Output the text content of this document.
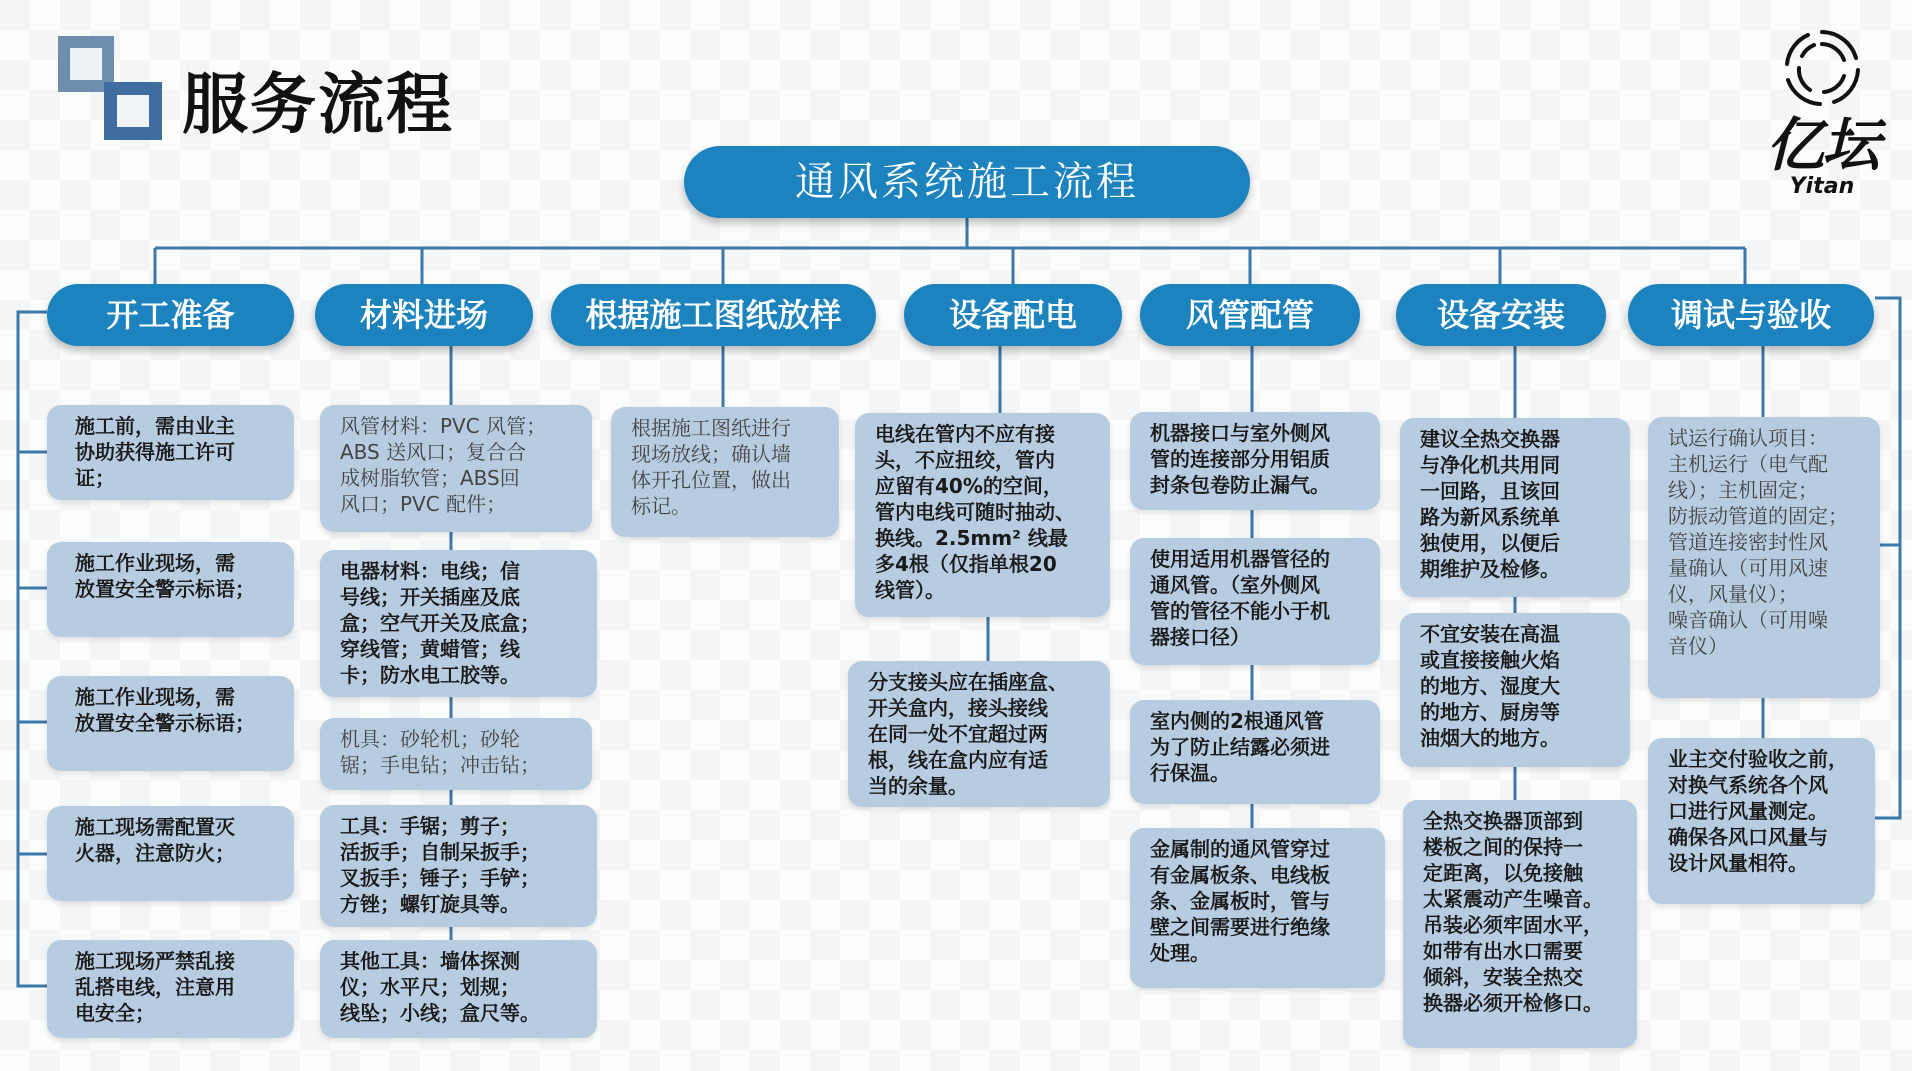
服务流程
亿坛
Yitan
通风系统施工流程
开工准备	材料进场	根据施工图纸放样	设备配电	风管配管	设备安装	调试与验收
施工前，需由业主
协助获得施工许可
证；
施工作业现场，需
放置安全警示标语；
施工作业现场，需
放置安全警示标语；
施工现场需配置灭
火器，注意防火；
施工现场严禁乱接
乱搭电线，注意用
电安全；
风管材料：PVC 风管；
ABS 送风口；复合合
成树脂软管；ABS回
风口；PVC 配件；
电器材料：电线；信
号线；开关插座及底
盒；空气开关及底盒；
穿线管；黄蜡管；线
卡；防水电工胶等。
机具：砂轮机；砂轮
锯；手电钻；冲击钻；
工具：手锯；剪子；
活扳手；自制呆扳手；
叉扳手；锤子；手铲；
方锉；螺钉旋具等。
其他工具：墙体探测
仪；水平尺；划规；
线坠；小线；盒尺等。
根据施工图纸进行
现场放线；确认墙
体开孔位置，做出
标记。
电线在管内不应有接
头，不应扭绞，管内
应留有40%的空间，
管内电线可随时抽动、
换线。2.5mm² 线最
多4根（仅指单根20
线管）。
分支接头应在插座盒、
开关盒内，接头接线
在同一处不宜超过两
根，线在盒内应有适
当的余量。
机器接口与室外侧风
管的连接部分用铝质
封条包卷防止漏气。
使用适用机器管径的
通风管。（室外侧风
管的管径不能小于机
器接口径）
室内侧的2根通风管
为了防止结露必须进
行保温。
金属制的通风管穿过
有金属板条、电线板
条、金属板时，管与
壁之间需要进行绝缘
处理。
建议全热交换器
与净化机共用同
一回路，且该回
路为新风系统单
独使用，以便后
期维护及检修。
不宜安装在高温
或直接接触火焰
的地方、湿度大
的地方、厨房等
油烟大的地方。
全热交换器顶部到
楼板之间的保持一
定距离，以免接触
太紧震动产生噪音。
吊装必须牢固水平，
如带有出水口需要
倾斜，安装全热交
换器必须开检修口。
试运行确认项目：
主机运行（电气配
线）；主机固定；
防振动管道的固定；
管道连接密封性风
量确认（可用风速
仪，风量仪）；
噪音确认（可用噪
音仪）
业主交付验收之前，
对换气系统各个风
口进行风量测定。
确保各风口风量与
设计风量相符。
